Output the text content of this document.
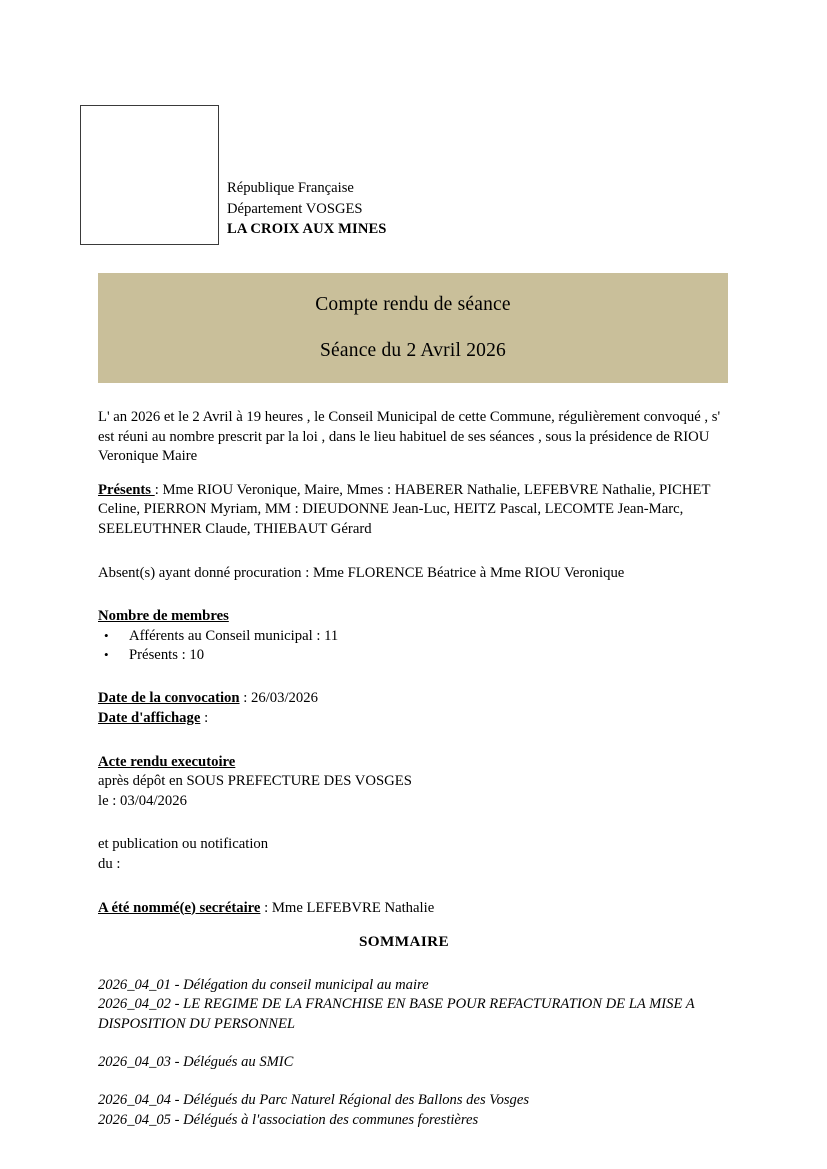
République Française
Département VOSGES
LA CROIX AUX MINES
Compte rendu de séance
Séance du 2 Avril 2026

L' an 2026 et le 2 Avril à 19 heures , le Conseil Municipal de cette Commune, régulièrement convoqué , s' est réuni au nombre prescrit par la loi , dans le lieu habituel de ses séances , sous la présidence de RIOU Veronique Maire

Présents : Mme RIOU Veronique, Maire, Mmes : HABERER Nathalie, LEFEBVRE Nathalie, PICHET Celine, PIERRON Myriam, MM : DIEUDONNE Jean-Luc, HEITZ Pascal, LECOMTE Jean-Marc, SEELEUTHNER Claude, THIEBAUT Gérard

Absent(s) ayant donné procuration : Mme FLORENCE Béatrice à Mme RIOU Veronique

Nombre de membres

• Afférents au Conseil municipal : 11
• Présents : 10

Date de la convocation : 26/03/2026

Date d'affichage :

Acte rendu executoire

après dépôt en SOUS PREFECTURE DES VOSGES

le : 03/04/2026

et publication ou notification

du :

A été nommé(e) secrétaire : Mme LEFEBVRE Nathalie

SOMMAIRE

2026_04_01 - Délégation du conseil municipal au maire

2026_04_02 - LE REGIME DE LA FRANCHISE EN BASE POUR REFACTURATION DE LA MISE A DISPOSITION DU PERSONNEL

2026_04_03 - Délégués au SMIC

2026_04_04 - Délégués du Parc Naturel Régional des Ballons des Vosges

2026_04_05 - Délégués à l'association des communes forestières
